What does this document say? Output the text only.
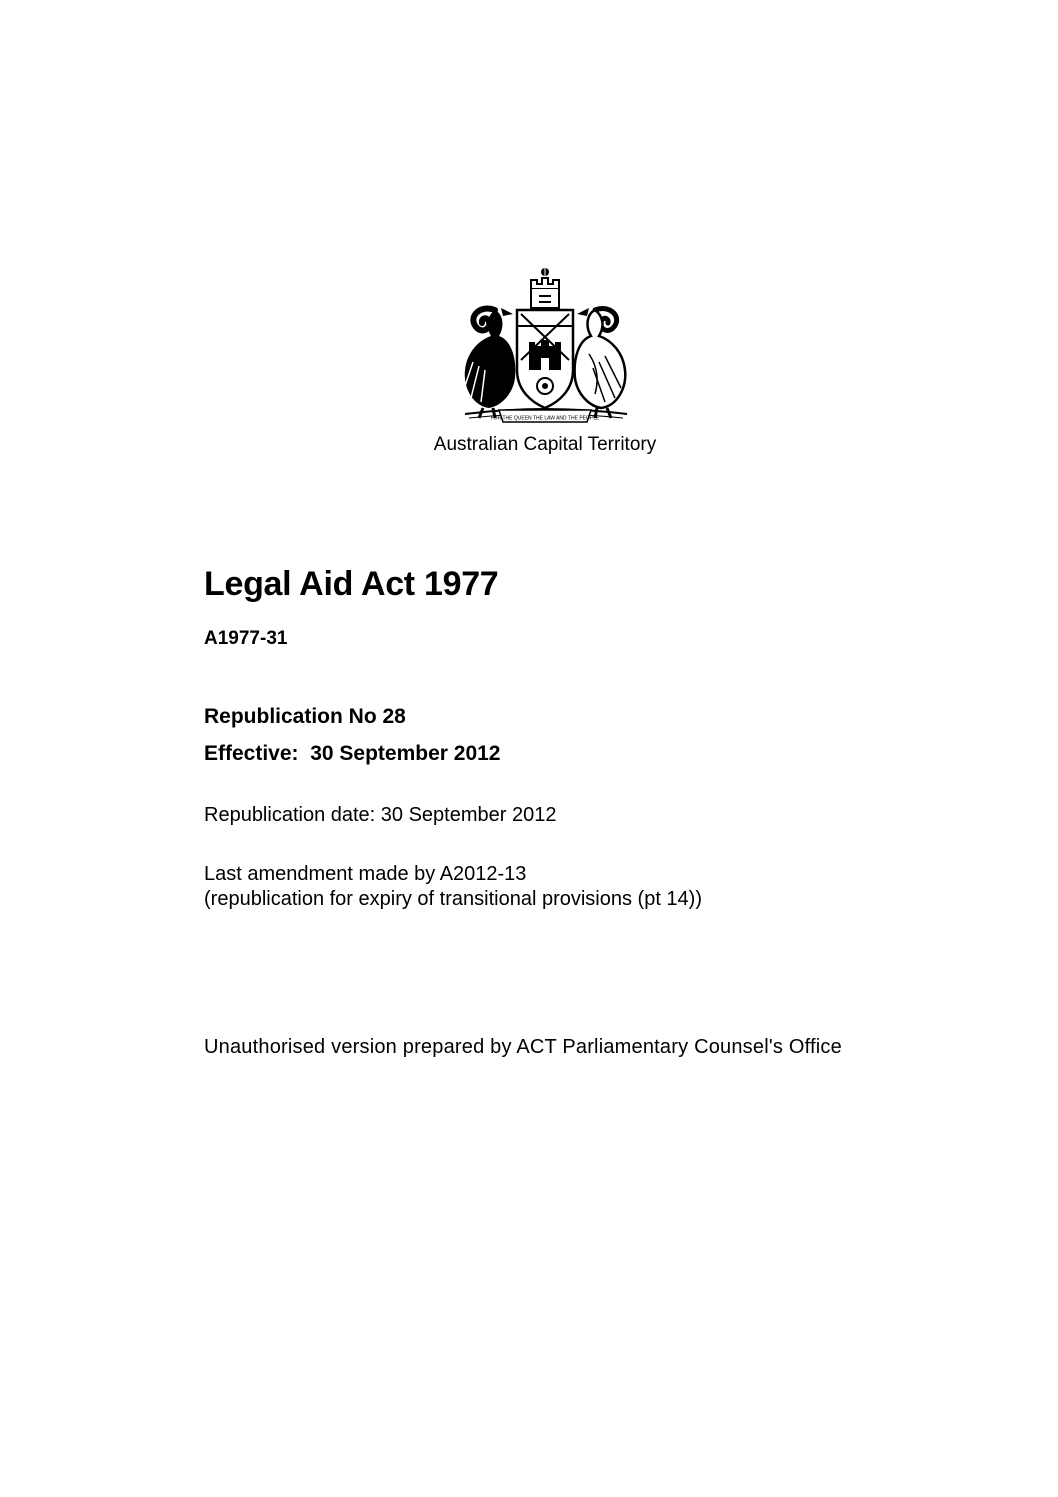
FOR THE QUEEN THE LAW AND THE PEOPLE
Australian Capital Territory
Legal Aid Act 1977
A1977-31
Republication No 28
Effective:  30 September 2012
Republication date: 30 September 2012
Last amendment made by A2012-13
(republication for expiry of transitional provisions (pt 14))
Unauthorised version prepared by ACT Parliamentary Counsel's Office
